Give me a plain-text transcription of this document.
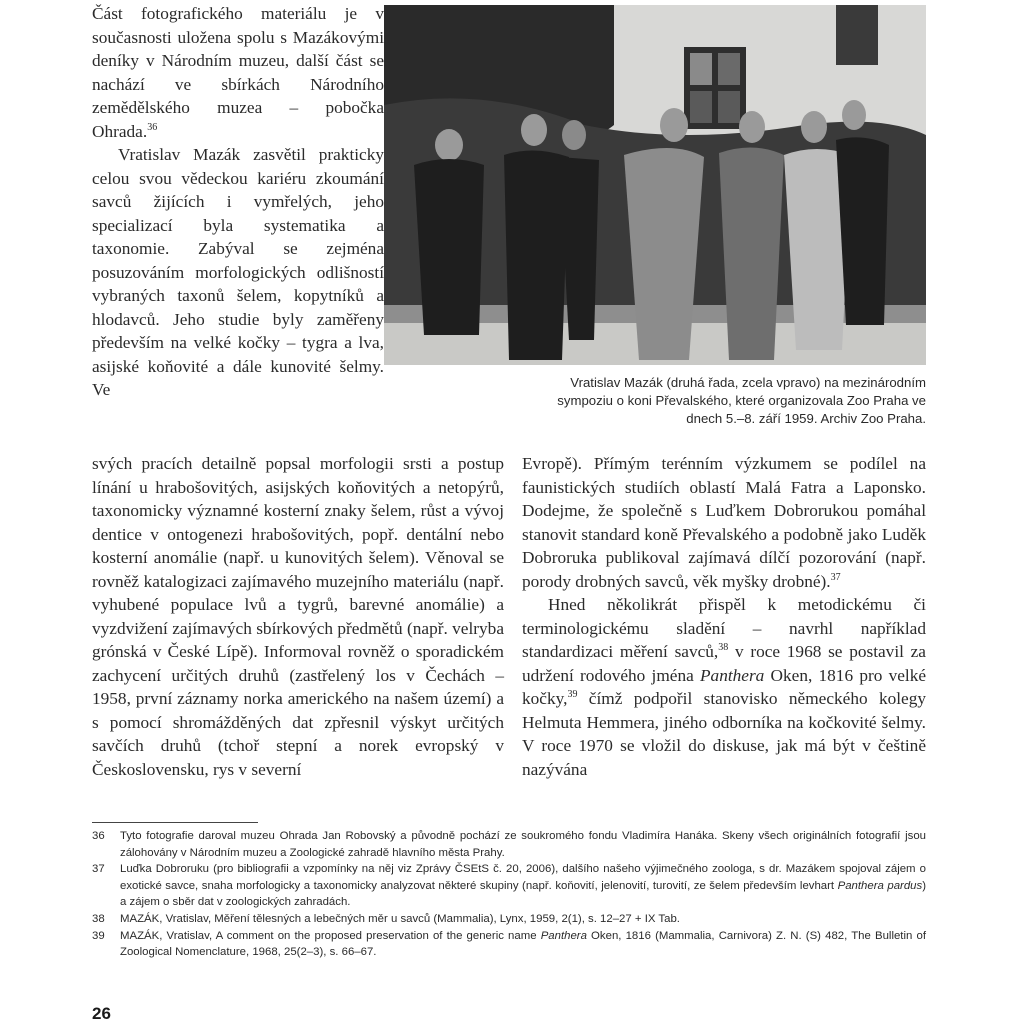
Část fotografického materiálu je v současnosti uložena spolu s Mazákovými deníky v Národním muzeu, další část se nachází ve sbírkách Národního zemědělského muzea – pobočka Ohrada.$^{36}$

Vratislav Mazák zasvětil prakticky celou svou vědeckou kariéru zkoumání savců žijících i vymřelých, jeho specializací byla systematika a taxonomie. Zabýval se zejména posuzováním morfologických odlišností vybraných taxonů šelem, kopytníků a hlodavců. Jeho studie byly zaměřeny především na velké kočky – tygra a lva, asijské koňovité a dále kunovité šelmy. Ve	Vratislav Mazák (druhá řada, zcela vpravo) na mezinárodním sympoziu o koni Převalského, které organizovala Zoo Praha ve dnech 5.–8. září 1959. Archiv Zoo Praha.

svých pracích detailně popsal morfologii srsti a postup línání u hrabošovitých, asijských koňovitých a netopýrů, taxonomicky významné kosterní znaky šelem, růst a vývoj dentice v ontogenezi hrabošovitých, popř. dentální nebo kosterní anomálie (např. u kunovitých šelem). Věnoval se rovněž katalogizaci zajímavého muzejního materiálu (např. vyhubené populace lvů a tygrů, barevné anomálie) a vyzdvižení zajímavých sbírkových předmětů (např. velryba grónská v České Lípě). Informoval rovněž o sporadickém zachycení určitých druhů (zastřelený los v Čechách – 1958, první záznamy norka amerického na našem území) a s pomocí shromážděných dat zpřesnil výskyt určitých savčích druhů (tchoř stepní a norek evropský v Československu, rys v severní

Evropě). Přímým terénním výzkumem se podílel na faunistických studiích oblastí Malá Fatra a Laponsko. Dodejme, že společně s Luďkem Dobrorukou pomáhal stanovit standard koně Převalského a podobně jako Luděk Dobroruka publikoval zajímavá dílčí pozorování (např. porody drobných savců, věk myšky drobné).$^{37}$

Hned několikrát přispěl k metodickému či terminologickému sladění – navrhl například standardizaci měření savců,$^{38}$ v roce 1968 se postavil za udržení rodového jména Panthera Oken, 1816 pro velké kočky,$^{39}$ čímž podpořil stanovisko německého kolegy Helmuta Hemmera, jiného odborníka na kočkovité šelmy. V roce 1970 se vložil do diskuse, jak má být v češtině nazývána

36	Tyto fotografie daroval muzeu Ohrada Jan Robovský a původně pochází ze soukromého fondu Vladimíra Hanáka. Skeny všech originálních fotografií jsou zálohovány v Národním muzeu a Zoologické zahradě hlavního města Prahy.
37	Luďka Dobroruku (pro bibliografii a vzpomínky na něj viz Zprávy ČSEtS č. 20, 2006), dalšího našeho výjimečného zoologa, s dr. Mazákem spojoval zájem o exotické savce, snaha morfologicky a taxonomicky analyzovat některé skupiny (např. koňovití, jelenovití, turovití, ze šelem především levhart Panthera pardus) a zájem o sběr dat v zoologických zahradách.
38	MAZÁK, Vratislav, Měření tělesných a lebečných měr u savců (Mammalia), Lynx, 1959, 2(1), s. 12–27 + IX Tab.
39	MAZÁK, Vratislav, A comment on the proposed preservation of the generic name Panthera Oken, 1816 (Mammalia, Carnivora) Z. N. (S) 482, The Bulletin of Zoological Nomenclature, 1968, 25(2–3), s. 66–67.
26
